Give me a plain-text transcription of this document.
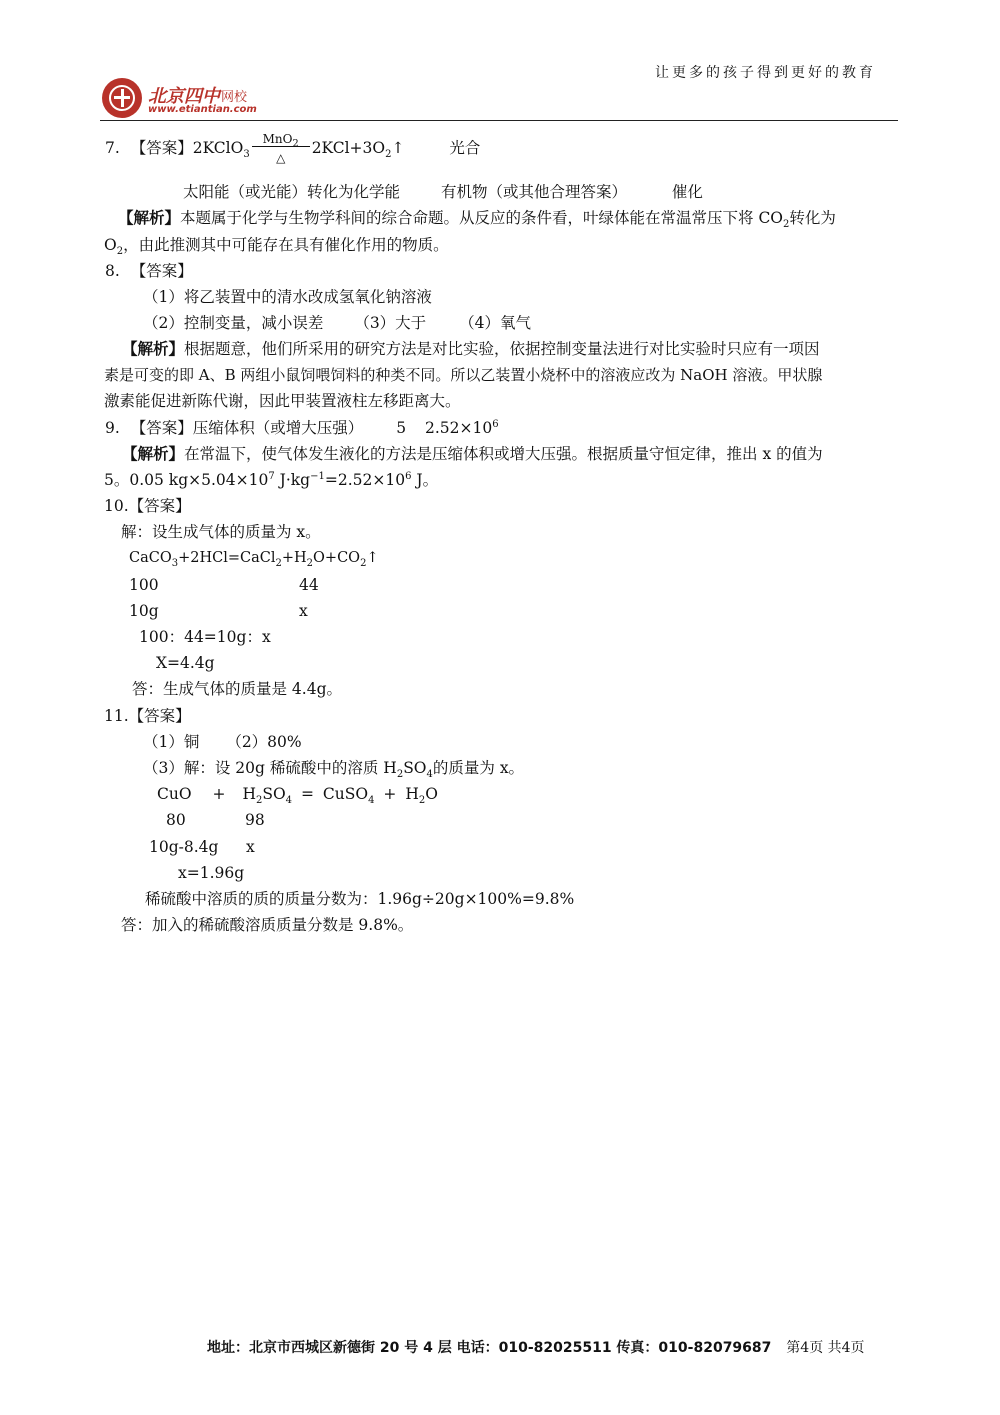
北京四中 网校
www.etiantian.com
让更多的孩子得到更好的教育
7. 【答案】2KClO$_3$ $\frac{MnO_2}{\triangle}$ $2KCl+3O_2↑$	光合
太阳能（或光能）转化为化学能	有机物（或其他合理答案）	催化
【解析】本题属于化学与生物学科间的综合命题。从反应的条件看，叶绿体能在常温常压下将 $CO_2$转化为
$O_2$，由此推测其中可能存在具有催化作用的物质。
8. 【答案】
（1）将乙装置中的清水改成氢氧化钠溶液
（2）控制变量，减小误差 （3）大于 （4）氧气
【解析】根据题意，他们所采用的研究方法是对比实验，依据控制变量法进行对比实验时只应有一项因
素是可变的即 A、B 两组小鼠饲喂饲料的种类不同。所以乙装置小烧杯中的溶液应改为 NaOH 溶液。甲状腺
激素能促进新陈代谢，因此甲装置液柱左移距离大。
9. 【答案】压缩体积（或增大压强） 5 $2.52\times 10^6$
【解析】在常温下，使气体发生液化的方法是压缩体积或增大压强。根据质量守恒定律，推出 x 的值为
5。0.05 $kg\times 5.04\times 10^7$ $J\cdot kg^{-1}=2.52\times 10^6$ J。
10.【答案】
解：设生成气体的质量为 x。
$CaCO_3+2HCl=CaCl_2+H_2O+CO_2↑$
100	44
10g	x
100：44=10g：x
X=4.4g
答：生成气体的质量是 4.4g。
11.【答案】
（1）铜 （2）80%
（3）解：设 20g 稀硫酸中的溶质 $H_2SO_4$的质量为 x。
CuO + $H_2SO_4$ = CuSO$_4$ + $H_2O$
80	98
10g-8.4g x
x=1.96g
稀硫酸中溶质的质的质量分数为：1.96g÷20g×100%=9.8%
答：加入的稀硫酸溶质质量分数是 9.8%。
地址：北京市西城区新德街 20 号 4 层 电话：010-82025511 传真：010-82079687 第4页 共4页
